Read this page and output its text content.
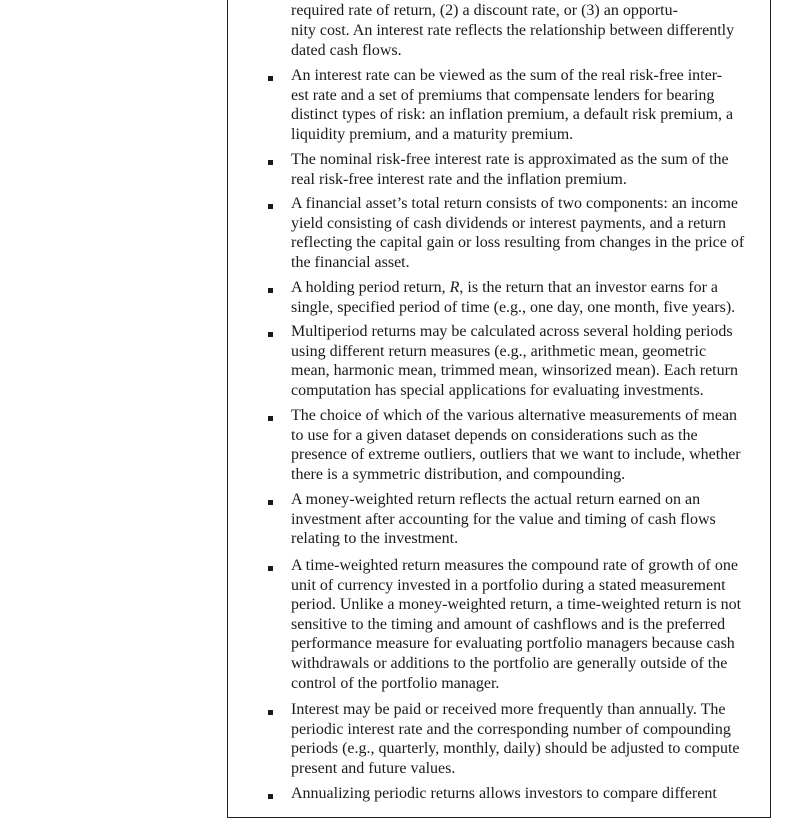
required rate of return, (2) a discount rate, or (3) an opportu-
nity cost. An interest rate reflects the relationship between differently
dated cash flows.
An interest rate can be viewed as the sum of the real risk-free inter-
est rate and a set of premiums that compensate lenders for bearing
distinct types of risk: an inflation premium, a default risk premium, a
liquidity premium, and a maturity premium.
The nominal risk-free interest rate is approximated as the sum of the
real risk-free interest rate and the inflation premium.
A financial asset’s total return consists of two components: an income
yield consisting of cash dividends or interest payments, and a return
reflecting the capital gain or loss resulting from changes in the price of
the financial asset.
A holding period return, R, is the return that an investor earns for a
single, specified period of time (e.g., one day, one month, five years).
Multiperiod returns may be calculated across several holding periods
using different return measures (e.g., arithmetic mean, geometric
mean, harmonic mean, trimmed mean, winsorized mean). Each return
computation has special applications for evaluating investments.
The choice of which of the various alternative measurements of mean
to use for a given dataset depends on considerations such as the
presence of extreme outliers, outliers that we want to include, whether
there is a symmetric distribution, and compounding.
A money-weighted return reflects the actual return earned on an
investment after accounting for the value and timing of cash flows
relating to the investment.
A time-weighted return measures the compound rate of growth of one
unit of currency invested in a portfolio during a stated measurement
period. Unlike a money-weighted return, a time-weighted return is not
sensitive to the timing and amount of cashflows and is the preferred
performance measure for evaluating portfolio managers because cash
withdrawals or additions to the portfolio are generally outside of the
control of the portfolio manager.
Interest may be paid or received more frequently than annually. The
periodic interest rate and the corresponding number of compounding
periods (e.g., quarterly, monthly, daily) should be adjusted to compute
present and future values.
Annualizing periodic returns allows investors to compare different
